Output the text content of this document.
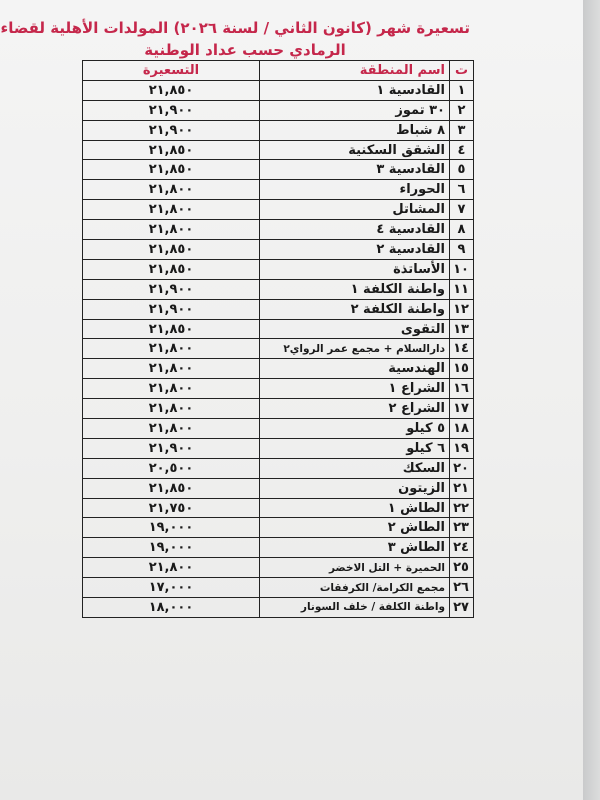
تسعيرة شهر (كانون الثاني / لسنة ٢٠٢٦) المولدات الأهلية لقضاء
الرمادي حسب عداد الوطنية
ت	اسم المنطقة	التسعيرة
١	القادسية ١	٢١,٨٥٠
٢	٣٠ تموز	٢١,٩٠٠
٣	٨ شباط	٢١,٩٠٠
٤	الشقق السكنية	٢١,٨٥٠
٥	القادسية ٣	٢١,٨٥٠
٦	الحوراء	٢١,٨٠٠
٧	المشاتل	٢١,٨٠٠
٨	القادسية ٤	٢١,٨٠٠
٩	القادسية ٢	٢١,٨٥٠
١٠	الأساتذة	٢١,٨٥٠
١١	واطنة الكلفة ١	٢١,٩٠٠
١٢	واطنة الكلفة ٢	٢١,٩٠٠
١٣	التقوى	٢١,٨٥٠
١٤	دارالسلام + مجمع عمر الرواي٢	٢١,٨٠٠
١٥	الهندسية	٢١,٨٠٠
١٦	الشراع ١	٢١,٨٠٠
١٧	الشراع ٢	٢١,٨٠٠
١٨	٥ كيلو	٢١,٨٠٠
١٩	٦ كيلو	٢١,٩٠٠
٢٠	السكك	٢٠,٥٠٠
٢١	الزيتون	٢١,٨٥٠
٢٢	الطاش ١	٢١,٧٥٠
٢٣	الطاش ٢	١٩,٠٠٠
٢٤	الطاش ٣	١٩,٠٠٠
٢٥	الحميرة + التل الاخضر	٢١,٨٠٠
٢٦	مجمع الكرامة/ الكرفقات	١٧,٠٠٠
٢٧	واطنة الكلفة / خلف السونار	١٨,٠٠٠
